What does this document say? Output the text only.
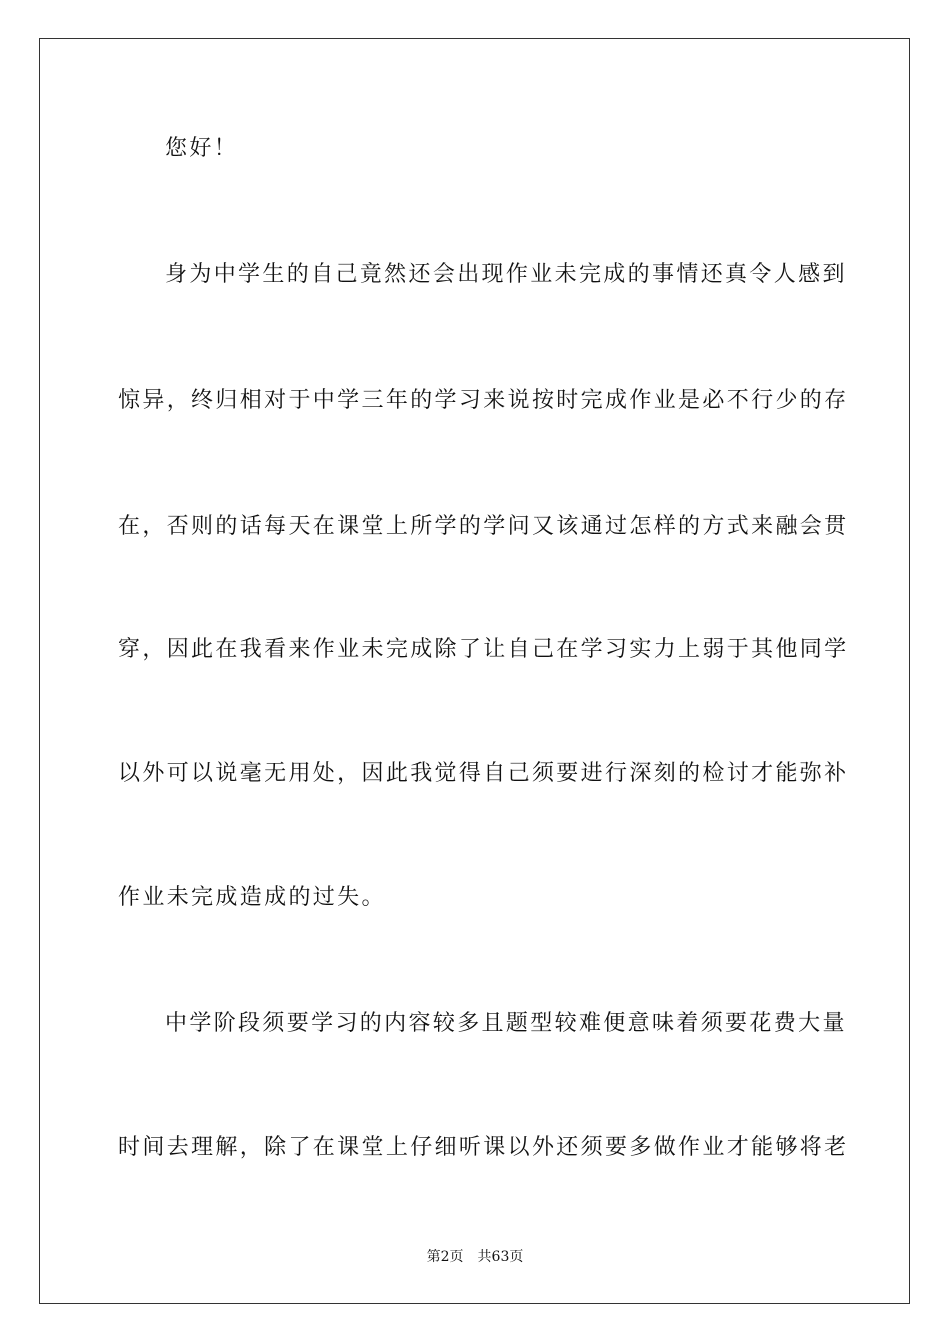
您好！
身为中学生的自己竟然还会出现作业未完成的事情还真令人感到
惊异，终归相对于中学三年的学习来说按时完成作业是必不行少的存
在，否则的话每天在课堂上所学的学问又该通过怎样的方式来融会贯
穿，因此在我看来作业未完成除了让自己在学习实力上弱于其他同学
以外可以说毫无用处，因此我觉得自己须要进行深刻的检讨才能弥补
作业未完成造成的过失。
中学阶段须要学习的内容较多且题型较难便意味着须要花费大量
时间去理解，除了在课堂上仔细听课以外还须要多做作业才能够将老
第2页 共63页
